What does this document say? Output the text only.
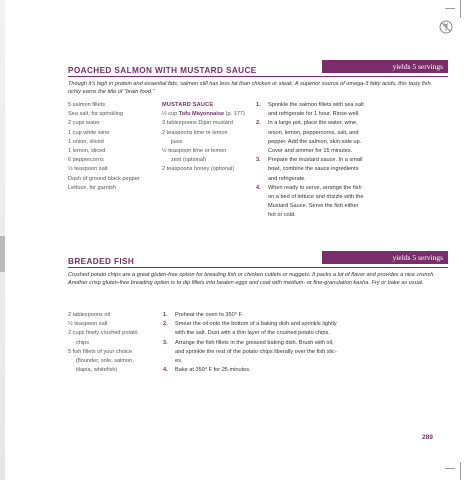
yields 5 servings
POACHED SALMON WITH MUSTARD SAUCE
Though it's high in protein and essential fats, salmon still has less fat than chicken or steak. A superior source of omega-3 fatty acids, this tasty fish richly earns the title of "brain food."
5 salmon fillets
Sea salt, for sprinkling
2 cups water
1 cup white wine
1 onion, sliced
1 lemon, sliced
6 peppercorns
½ teaspoon salt
Dash of ground black pepper
Lettuce, for garnish
MUSTARD SAUCE
½ cup Tofu Mayonnaise (p. 177)
3 tablespoons Dijon mustard
2 teaspoons lime or lemon
juice
½ teaspoon lime or lemon
zest (optional)
2 teaspoons honey (optional)
1. Sprinkle the salmon fillets with sea salt
and refrigerate for 1 hour. Rinse well.
2. In a large pot, place the water, wine,
onion, lemon, peppercorns, salt, and
pepper. Add the salmon, skin-side up.
Cover and simmer for 15 minutes.
3. Prepare the mustard sauce. In a small
bowl, combine the sauce ingredients
and refrigerate.
4. When ready to serve, arrange the fish
on a bed of lettuce and drizzle with the
Mustard Sauce. Serve the fish either
hot or cold.
yields 5 servings
BREADED FISH
Crushed potato chips are a great gluten-free option for breading fish or chicken cutlets or nuggets. It packs a lot of flavor and provides a nice crunch. Another crisp gluten-free breading option is to dip fillets into beaten eggs and coat with medium- or fine-granulation kasha. Fry or bake as usual.
2 tablespoons oil
½ teaspoon salt
2 cups finely crushed potato
chips
5 fish fillets of your choice
(flounder, sole, salmon,
tilapia, whitefish)
1. Preheat the oven to 350° F.
2. Smear the oil onto the bottom of a baking dish and sprinkle lightly
with the salt. Dust with a thin layer of the crushed potato chips.
3. Arrange the fish fillets in the greased baking dish. Brush with oil,
and sprinkle the rest of the potato chips liberally over the fish slic-
es.
4. Bake at 350° F for 25 minutes.
289
